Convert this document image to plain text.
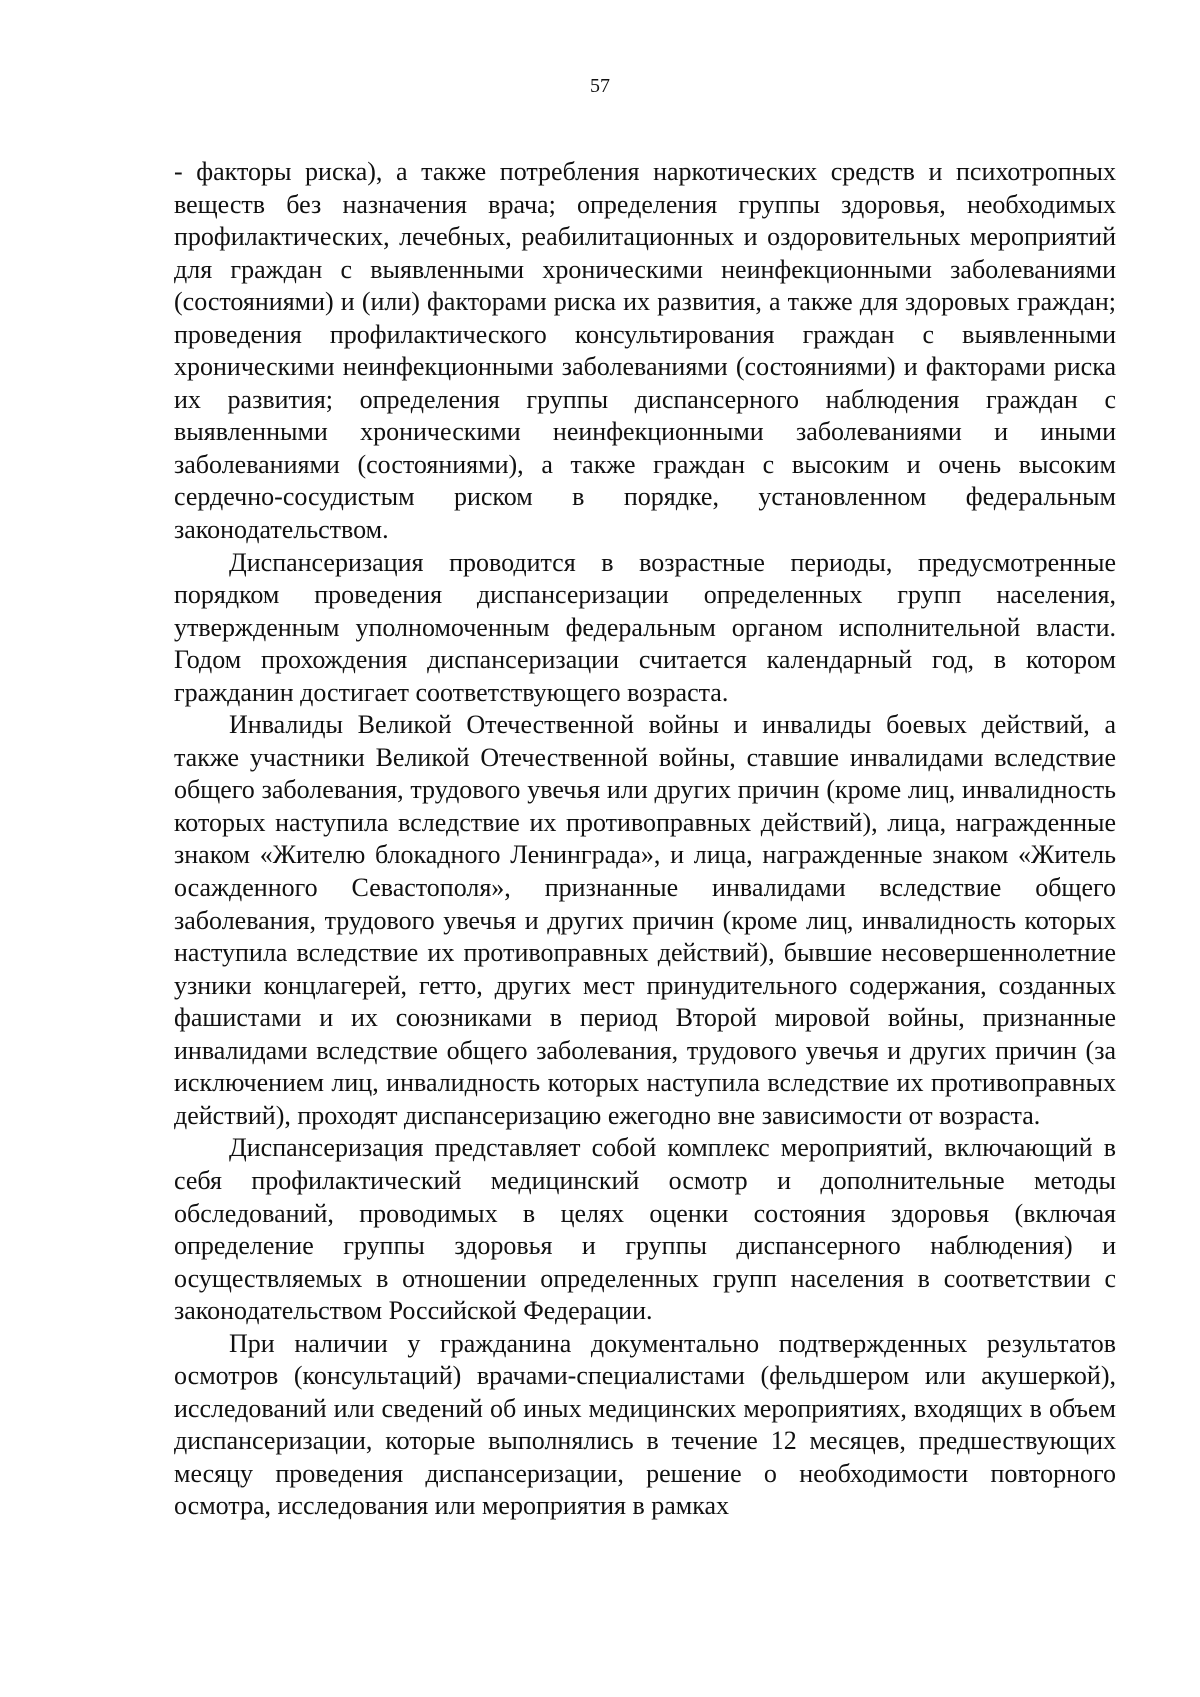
57

- факторы риска), а также потребления наркотических средств и психотропных веществ без назначения врача; определения группы здоровья, необходимых профилактических, лечебных, реабилитационных и оздоровительных мероприятий для граждан с выявленными хроническими неинфекционными заболеваниями (состояниями) и (или) факторами риска их развития, а также для здоровых граждан; проведения профилактического консультирования граждан с выявленными хроническими неинфекционными заболеваниями (состояниями) и факторами риска их развития; определения группы диспансерного наблюдения граждан с выявленными хроническими неинфекционными заболеваниями и иными заболеваниями (состояниями), а также граждан с высоким и очень высоким сердечно-сосудистым риском в порядке, установленном федеральным законодательством.

Диспансеризация проводится в возрастные периоды, предусмотренные порядком проведения диспансеризации определенных групп населения, утвержденным уполномоченным федеральным органом исполнительной власти. Годом прохождения диспансеризации считается календарный год, в котором гражданин достигает соответствующего возраста.

Инвалиды Великой Отечественной войны и инвалиды боевых действий, а также участники Великой Отечественной войны, ставшие инвалидами вследствие общего заболевания, трудового увечья или других причин (кроме лиц, инвалидность которых наступила вследствие их противоправных действий), лица, награжденные знаком «Жителю блокадного Ленинграда», и лица, награжденные знаком «Житель осажденного Севастополя», признанные инвалидами вследствие общего заболевания, трудового увечья и других причин (кроме лиц, инвалидность которых наступила вследствие их противоправных действий), бывшие несовершеннолетние узники концлагерей, гетто, других мест принудительного содержания, созданных фашистами и их союзниками в период Второй мировой войны, признанные инвалидами вследствие общего заболевания, трудового увечья и других причин (за исключением лиц, инвалидность которых наступила вследствие их противоправных действий), проходят диспансеризацию ежегодно вне зависимости от возраста.

Диспансеризация представляет собой комплекс мероприятий, включающий в себя профилактический медицинский осмотр и дополнительные методы обследований, проводимых в целях оценки состояния здоровья (включая определение группы здоровья и группы диспансерного наблюдения) и осуществляемых в отношении определенных групп населения в соответствии с законодательством Российской Федерации.

При наличии у гражданина документально подтвержденных результатов осмотров (консультаций) врачами-специалистами (фельдшером или акушеркой), исследований или сведений об иных медицинских мероприятиях, входящих в объем диспансеризации, которые выполнялись в течение 12 месяцев, предшествующих месяцу проведения диспансеризации, решение о необходимости повторного осмотра, исследования или мероприятия в рамках
